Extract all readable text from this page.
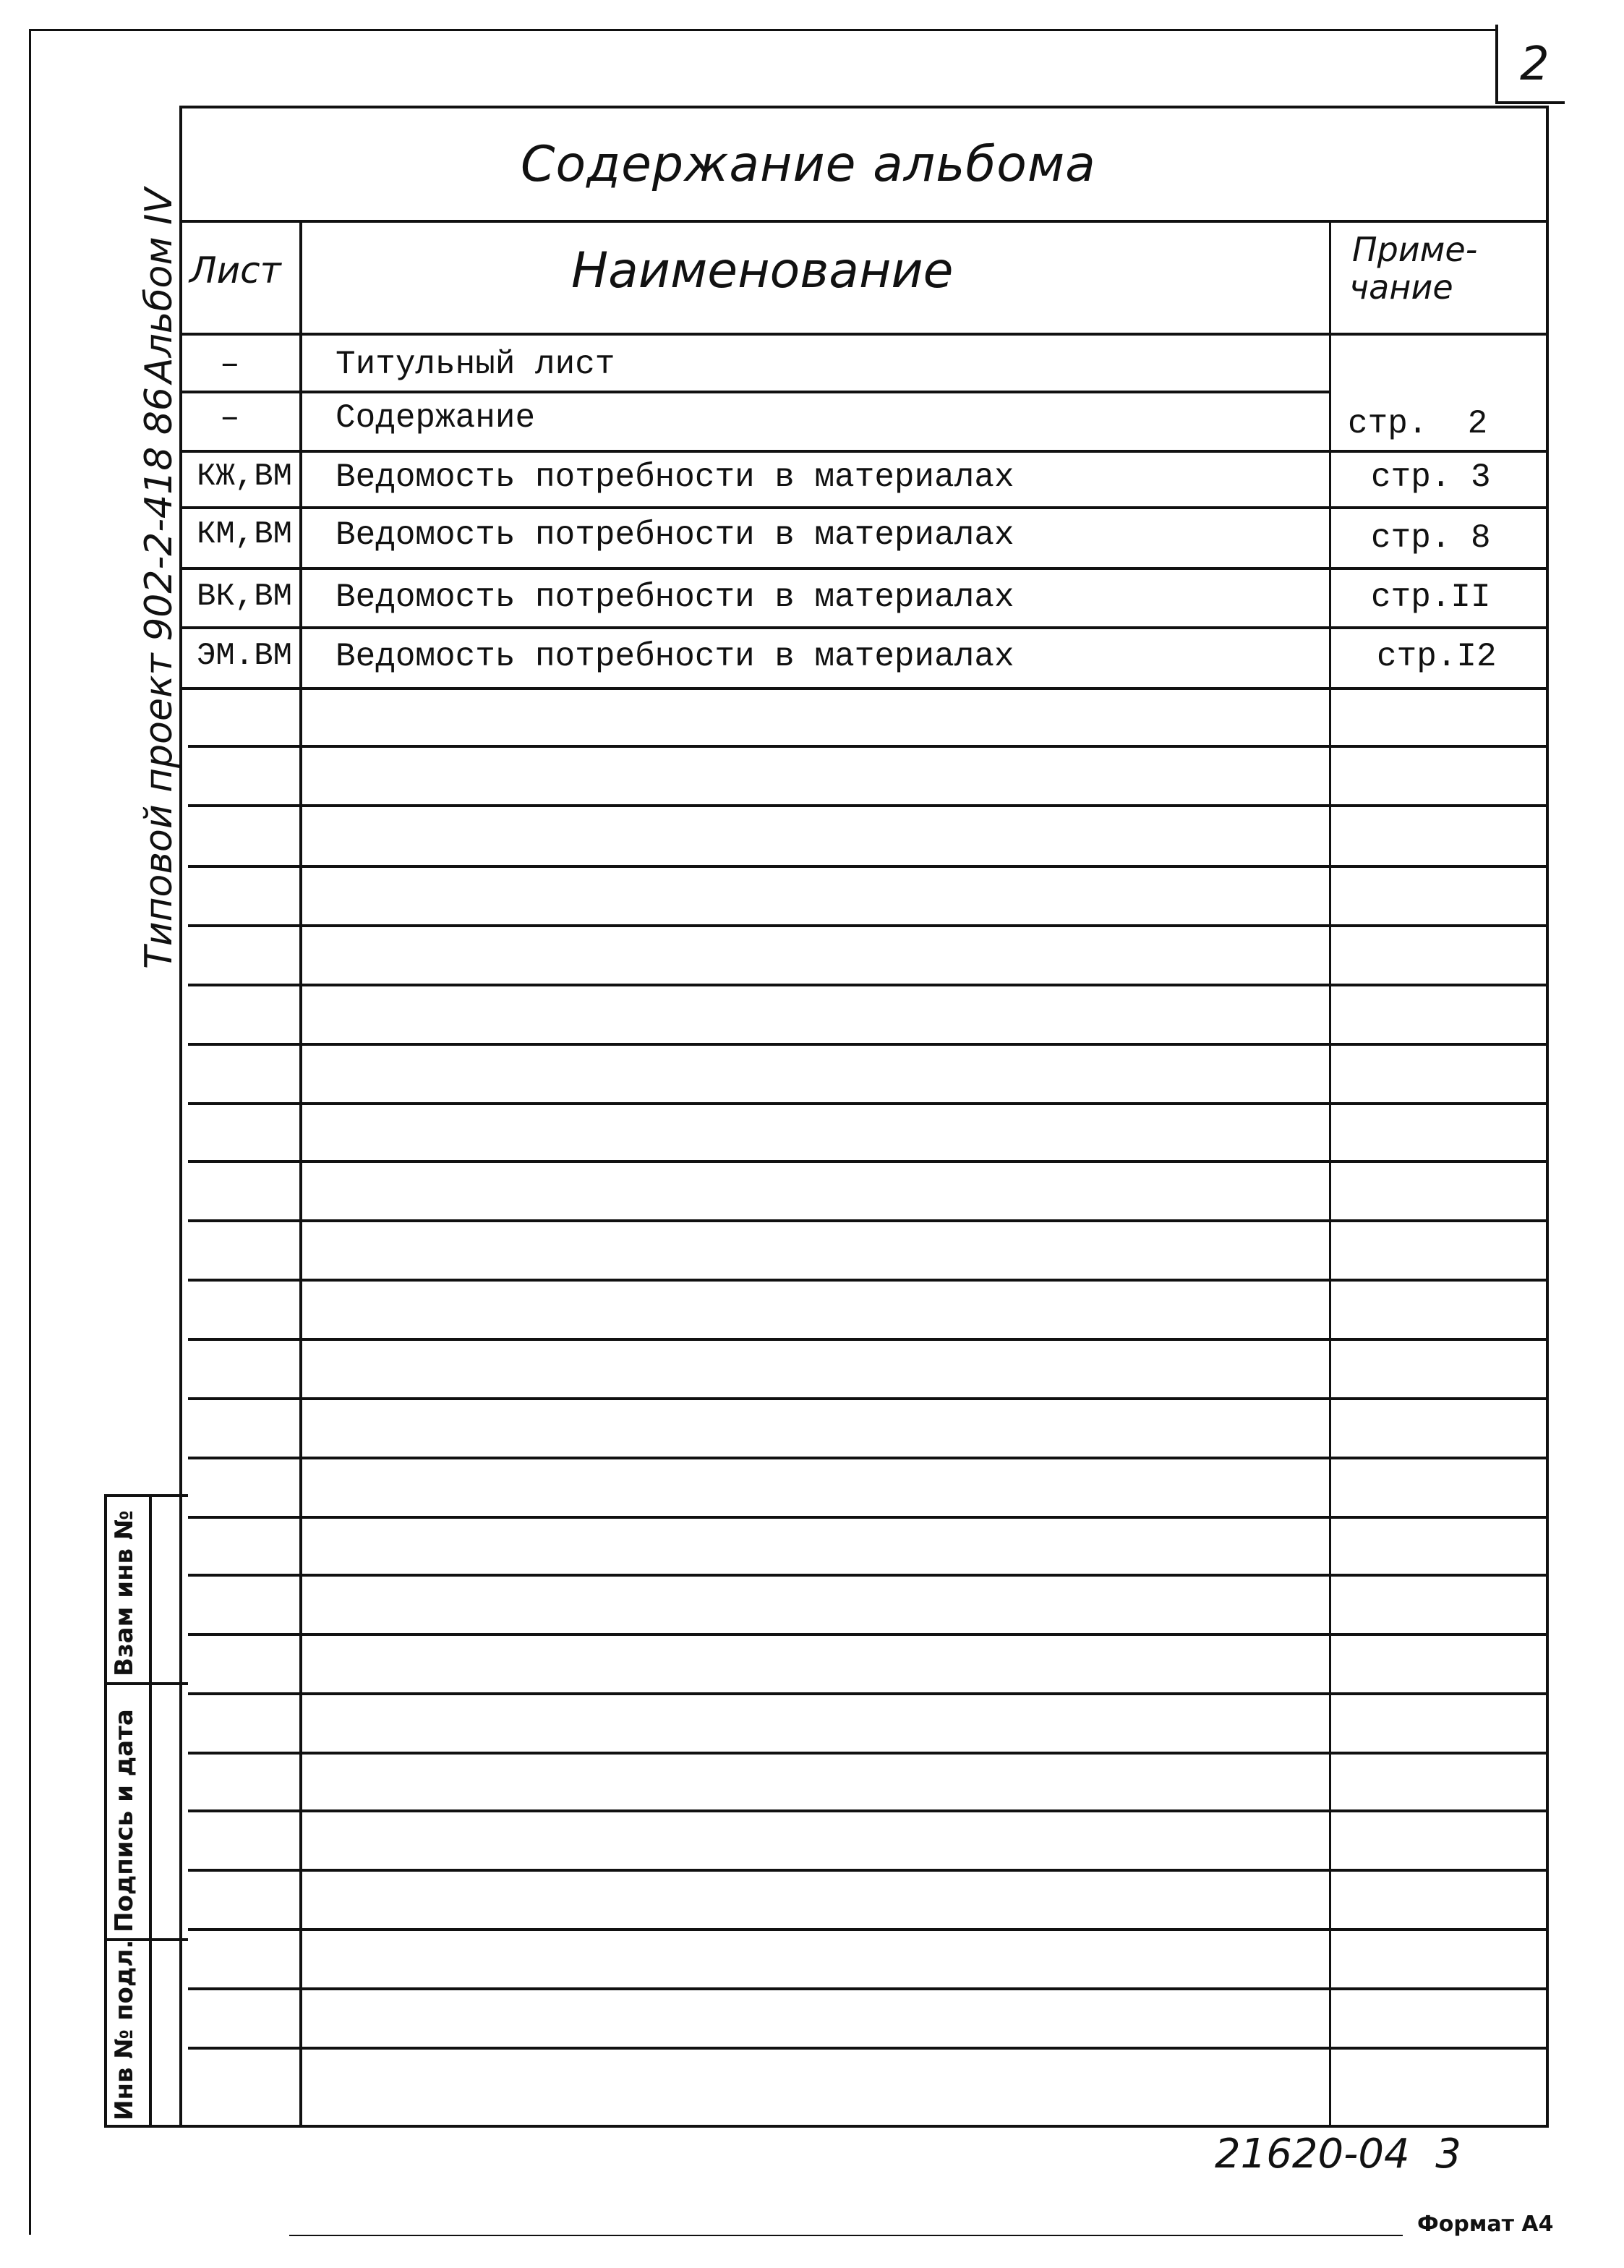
2
Содержание альбома
Лист	Наименование	Приме-
чание
–	Титульный лист
–	Содержание	стр.  2
КЖ,ВМ Ведомость потребности в материалах	стр. 3
КМ,ВМ Ведомость потребности в материалах	стр. 8
ВК,ВМ Ведомость потребности в материалах	стр.II
ЭМ.ВМ Ведомость потребности в материалах	стр.I2
Альбом IV
Типовой проект 902-2-418 86
Взам инв №
Подпись и дата
Инв № подл.
21620-04  3
Формат А4
